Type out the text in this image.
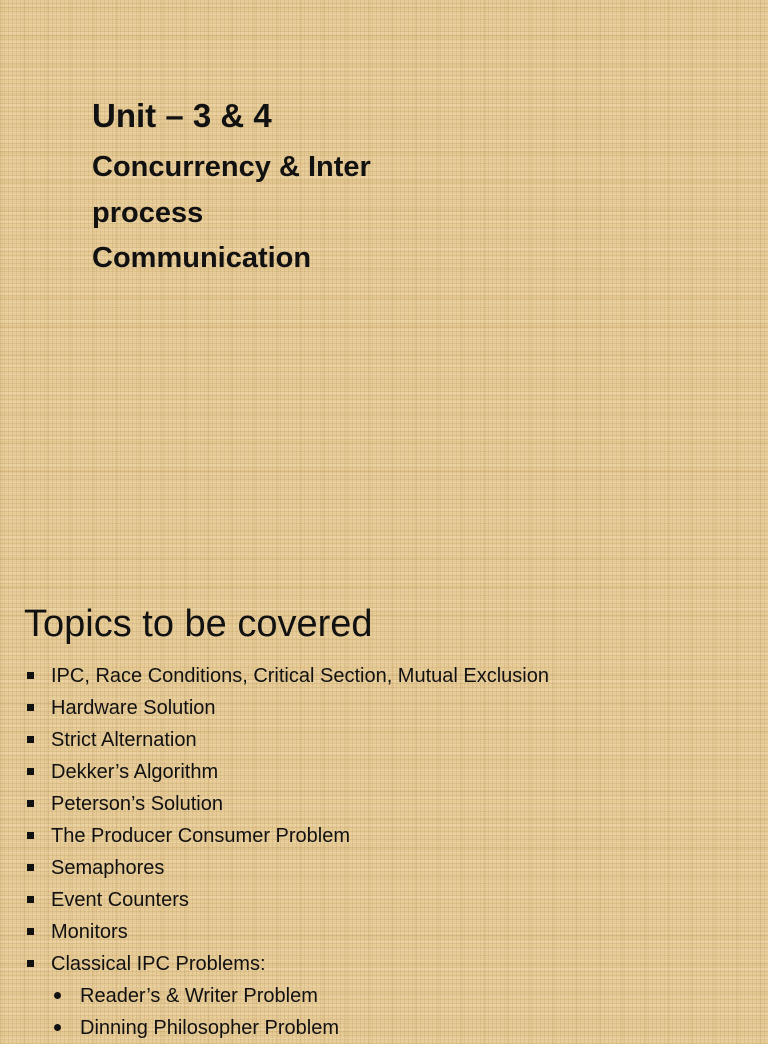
Unit – 3 & 4
Concurrency & Inter
process
Communication
Topics to be covered
IPC, Race Conditions, Critical Section, Mutual Exclusion
Hardware Solution
Strict Alternation
Dekker’s Algorithm
Peterson’s Solution
The Producer Consumer Problem
Semaphores
Event Counters
Monitors
Classical IPC Problems:
Reader’s & Writer Problem
Dinning Philosopher Problem
